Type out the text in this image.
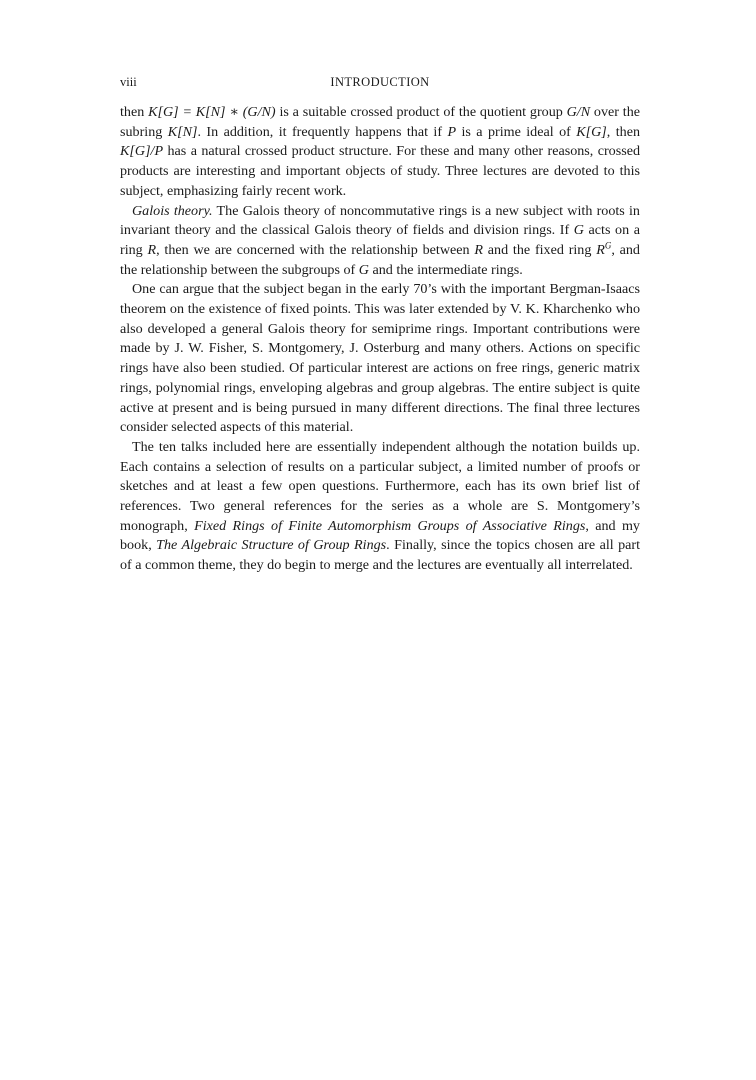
viii	INTRODUCTION

then K[G] = K[N] ∗ (G/N) is a suitable crossed product of the quotient group G/N over the subring K[N]. In addition, it frequently happens that if P is a prime ideal of K[G], then K[G]/P has a natural crossed product structure. For these and many other reasons, crossed products are interesting and important objects of study. Three lectures are devoted to this subject, emphasizing fairly recent work.

Galois theory. The Galois theory of noncommutative rings is a new subject with roots in invariant theory and the classical Galois theory of fields and division rings. If G acts on a ring R, then we are concerned with the relationship between R and the fixed ring $R^G$, and the relationship between the subgroups of G and the intermediate rings.

One can argue that the subject began in the early 70’s with the important Bergman-Isaacs theorem on the existence of fixed points. This was later extended by V. K. Kharchenko who also developed a general Galois theory for semiprime rings. Important contributions were made by J. W. Fisher, S. Montgomery, J. Osterburg and many others. Actions on specific rings have also been studied. Of particular interest are actions on free rings, generic matrix rings, polynomial rings, enveloping algebras and group algebras. The entire subject is quite active at present and is being pursued in many different directions. The final three lectures consider selected aspects of this material.

The ten talks included here are essentially independent although the notation builds up. Each contains a selection of results on a particular subject, a limited number of proofs or sketches and at least a few open questions. Furthermore, each has its own brief list of references. Two general references for the series as a whole are S. Montgomery’s monograph, Fixed Rings of Finite Automorphism Groups of Associative Rings, and my book, The Algebraic Structure of Group Rings. Finally, since the topics chosen are all part of a common theme, they do begin to merge and the lectures are eventually all interrelated.
